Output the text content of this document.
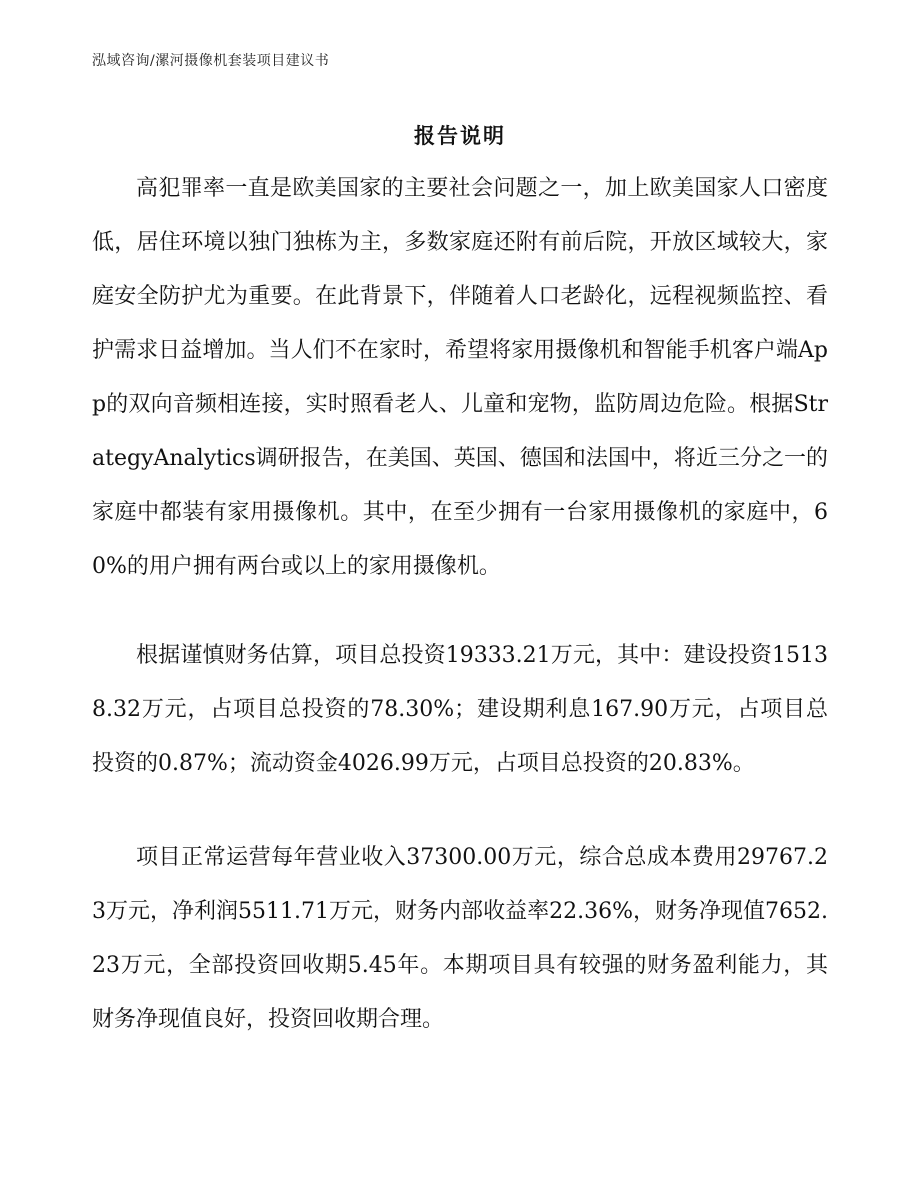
泓域咨询/漯河摄像机套装项目建议书
报告说明

高犯罪率一直是欧美国家的主要社会问题之一，加上欧美国家人口密度低，居住环境以独门独栋为主，多数家庭还附有前后院，开放区域较大，家庭安全防护尤为重要。在此背景下，伴随着人口老龄化，远程视频监控、看护需求日益增加。当人们不在家时，希望将家用摄像机和智能手机客户端App的双向音频相连接，实时照看老人、儿童和宠物，监防周边危险。根据StrategyAnalytics调研报告，在美国、英国、德国和法国中，将近三分之一的家庭中都装有家用摄像机。其中，在至少拥有一台家用摄像机的家庭中，60%的用户拥有两台或以上的家用摄像机。

根据谨慎财务估算，项目总投资19333.21万元，其中：建设投资15138.32万元，占项目总投资的78.30%；建设期利息167.90万元，占项目总投资的0.87%；流动资金4026.99万元，占项目总投资的20.83%。

项目正常运营每年营业收入37300.00万元，综合总成本费用29767.23万元，净利润5511.71万元，财务内部收益率22.36%，财务净现值7652.23万元，全部投资回收期5.45年。本期项目具有较强的财务盈利能力，其财务净现值良好，投资回收期合理。
